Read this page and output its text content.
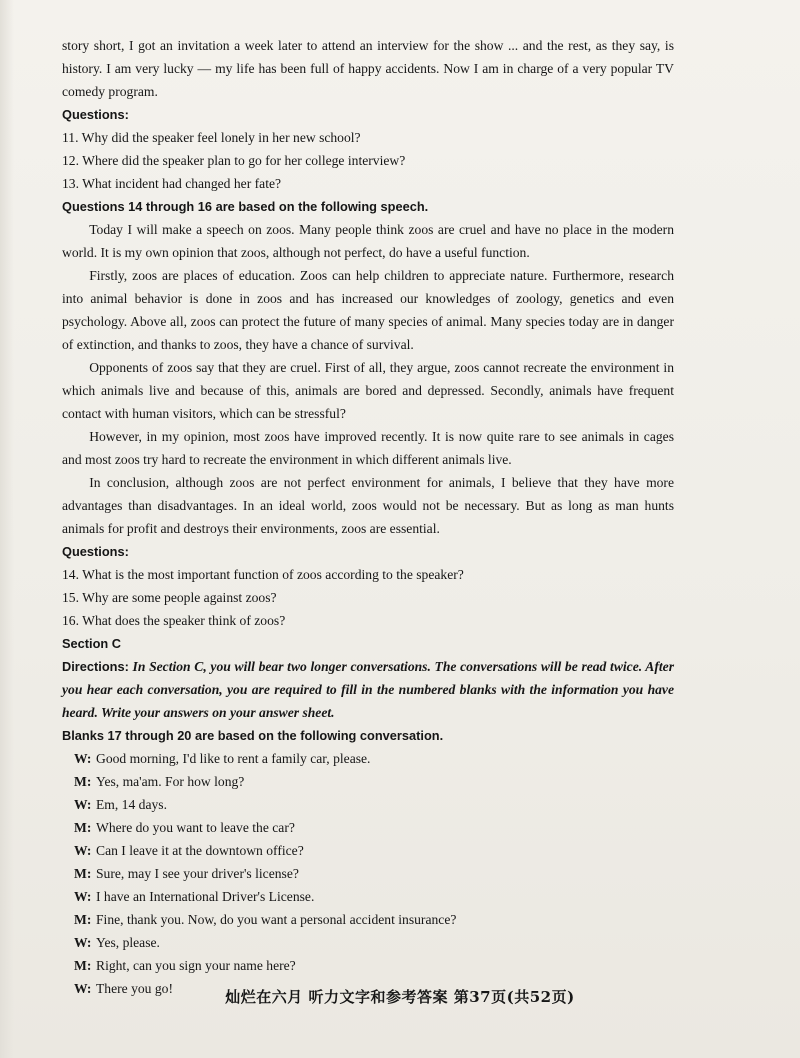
story short, I got an invitation a week later to attend an interview for the show ... and the rest, as they say, is history. I am very lucky — my life has been full of happy accidents. Now I am in charge of a very popular TV comedy program.

Questions:

11. Why did the speaker feel lonely in her new school?

12. Where did the speaker plan to go for her college interview?

13. What incident had changed her fate?

Questions 14 through 16 are based on the following speech.

Today I will make a speech on zoos. Many people think zoos are cruel and have no place in the modern world. It is my own opinion that zoos, although not perfect, do have a useful function.

Firstly, zoos are places of education. Zoos can help children to appreciate nature. Furthermore, research into animal behavior is done in zoos and has increased our knowledges of zoology, genetics and even psychology. Above all, zoos can protect the future of many species of animal. Many species today are in danger of extinction, and thanks to zoos, they have a chance of survival.

Opponents of zoos say that they are cruel. First of all, they argue, zoos cannot recreate the environment in which animals live and because of this, animals are bored and depressed. Secondly, animals have frequent contact with human visitors, which can be stressful?

However, in my opinion, most zoos have improved recently. It is now quite rare to see animals in cages and most zoos try hard to recreate the environment in which different animals live.

In conclusion, although zoos are not perfect environment for animals, I believe that they have more advantages than disadvantages. In an ideal world, zoos would not be necessary. But as long as man hunts animals for profit and destroys their environments, zoos are essential.

Questions:

14. What is the most important function of zoos according to the speaker?

15. Why are some people against zoos?

16. What does the speaker think of zoos?

Section C

Directions: In Section C, you will bear two longer conversations. The conversations will be read twice. After you hear each conversation, you are required to fill in the numbered blanks with the information you have heard. Write your answers on your answer sheet.

Blanks 17 through 20 are based on the following conversation.

W: Good morning, I'd like to rent a family car, please.

M: Yes, ma'am. For how long?

W: Em, 14 days.

M: Where do you want to leave the car?

W: Can I leave it at the downtown office?

M: Sure, may I see your driver's license?

W: I have an International Driver's License.

M: Fine, thank you. Now, do you want a personal accident insurance?

W: Yes, please.

M: Right, can you sign your name here?

W: There you go!	灿烂在六月 听力文字和参考答案 第37页(共52页)
